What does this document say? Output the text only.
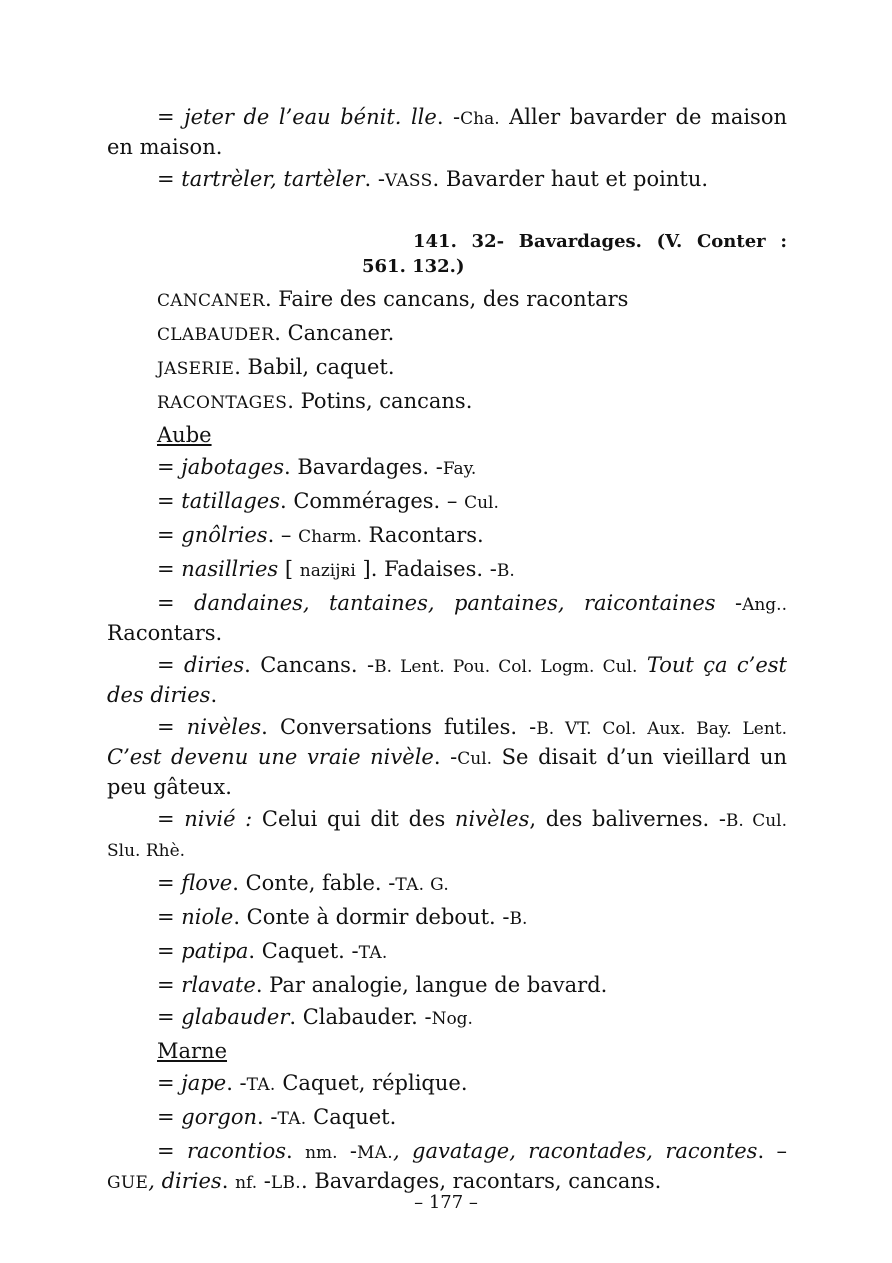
= jeter de l’eau bénit. lle. -Cha. Aller bavarder de maison en maison.

= tartrèler, tartèler. -VASS. Bavarder haut et pointu.

141. 32- Bavardages. (V. Conter :
561. 132.)

CANCANER. Faire des cancans, des racontars

CLABAUDER. Cancaner.

JASERIE. Babil, caquet.

RACONTAGES. Potins, cancans.

Aube

= jabotages. Bavardages. -Fay.

= tatillages. Commérages. – Cul.

= gnôlries. – Charm. Racontars.

= nasillries [ nazijʀi ]. Fadaises. -B.

= dandaines, tantaines, pantaines, raicontaines -Ang.. Racontars.

= diries. Cancans. -B. Lent. Pou. Col. Logm. Cul. Tout ça c’est des diries.

= nivèles. Conversations futiles. -B. VT. Col. Aux. Bay. Lent. C’est devenu une vraie nivèle. -Cul. Se disait d’un vieillard un peu gâteux.

= nivié : Celui qui dit des nivèles, des balivernes. -B. Cul. Slu. Rhè.

= flove. Conte, fable. -TA. G.

= niole. Conte à dormir debout. -B.

= patipa. Caquet. -TA.

= rlavate. Par analogie, langue de bavard.

= glabauder. Clabauder. -Nog.

Marne

= jape. -TA. Caquet, réplique.

= gorgon. -TA. Caquet.

= racontios. nm. -MA., gavatage, racontades, racontes. – GUE, diries. nf. -LB.. Bavardages, racontars, cancans.

– 177 –
